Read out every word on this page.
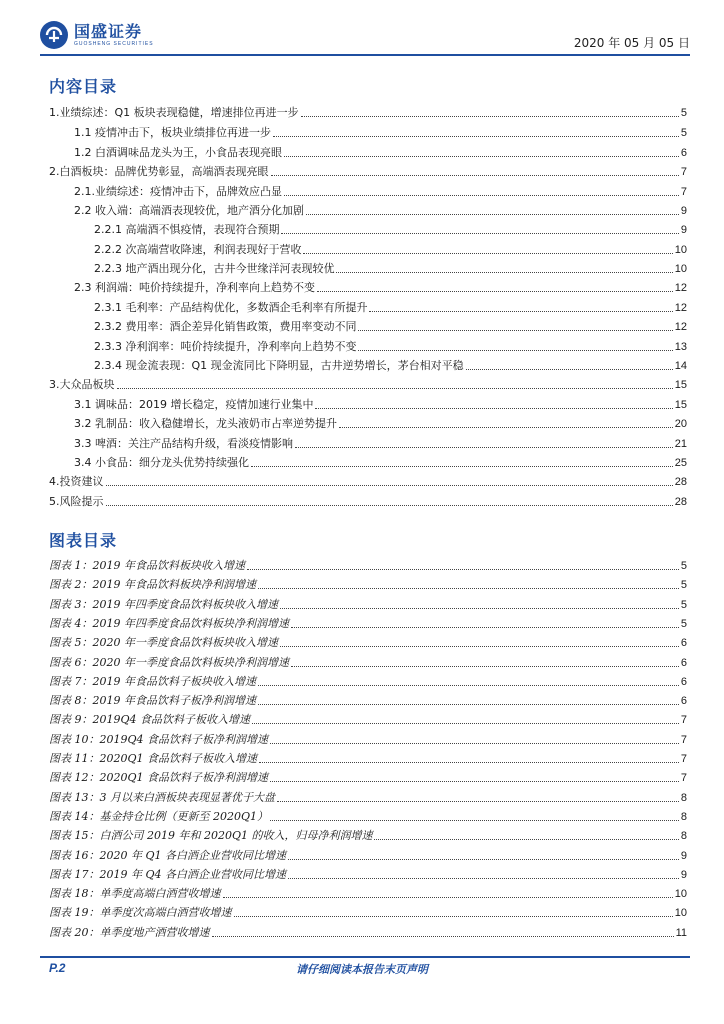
国盛证券
GUOSHENG SECURITIES	2020 年 05 月 05 日
内容目录
1.业绩综述：Q1 板块表现稳健，增速排位再进一步	5
1.1 疫情冲击下，板块业绩排位再进一步	5
1.2 白酒调味品龙头为王，小食品表现亮眼	6
2.白酒板块：品牌优势彰显，高端酒表现亮眼	7
2.1.业绩综述：疫情冲击下，品牌效应凸显	7
2.2 收入端：高端酒表现较优，地产酒分化加剧	9
2.2.1 高端酒不惧疫情，表现符合预期	9
2.2.2 次高端营收降速，利润表现好于营收	10
2.2.3 地产酒出现分化，古井今世缘洋河表现较优	10
2.3 利润端：吨价持续提升，净利率向上趋势不变	12
2.3.1 毛利率：产品结构优化，多数酒企毛利率有所提升	12
2.3.2 费用率：酒企差异化销售政策，费用率变动不同	12
2.3.3 净利润率：吨价持续提升，净利率向上趋势不变	13
2.3.4 现金流表现：Q1 现金流同比下降明显，古井逆势增长，茅台相对平稳	14
3.大众品板块	15
3.1 调味品：2019 增长稳定，疫情加速行业集中	15
3.2 乳制品：收入稳健增长，龙头液奶市占率逆势提升	20
3.3 啤酒：关注产品结构升级，看淡疫情影响	21
3.4 小食品：细分龙头优势持续强化	25
4.投资建议	28
5.风险提示	28
图表目录
图表 1：2019 年食品饮料板块收入增速	5
图表 2：2019 年食品饮料板块净利润增速	5
图表 3：2019 年四季度食品饮料板块收入增速	5
图表 4：2019 年四季度食品饮料板块净利润增速	5
图表 5：2020 年一季度食品饮料板块收入增速	6
图表 6：2020 年一季度食品饮料板块净利润增速	6
图表 7：2019 年食品饮料子板块收入增速	6
图表 8：2019 年食品饮料子板净利润增速	6
图表 9：2019Q4 食品饮料子板收入增速	7
图表 10：2019Q4 食品饮料子板净利润增速	7
图表 11：2020Q1 食品饮料子板收入增速	7
图表 12：2020Q1 食品饮料子板净利润增速	7
图表 13：3 月以来白酒板块表现显著优于大盘	8
图表 14：基金持仓比例（更新至 2020Q1）	8
图表 15：白酒公司 2019 年和 2020Q1 的收入，归母净利润增速	8
图表 16：2020 年 Q1 各白酒企业营收同比增速	9
图表 17：2019 年 Q4 各白酒企业营收同比增速	9
图表 18：单季度高端白酒营收增速	10
图表 19：单季度次高端白酒营收增速	10
图表 20：单季度地产酒营收增速	11
P.2	请仔细阅读本报告末页声明
